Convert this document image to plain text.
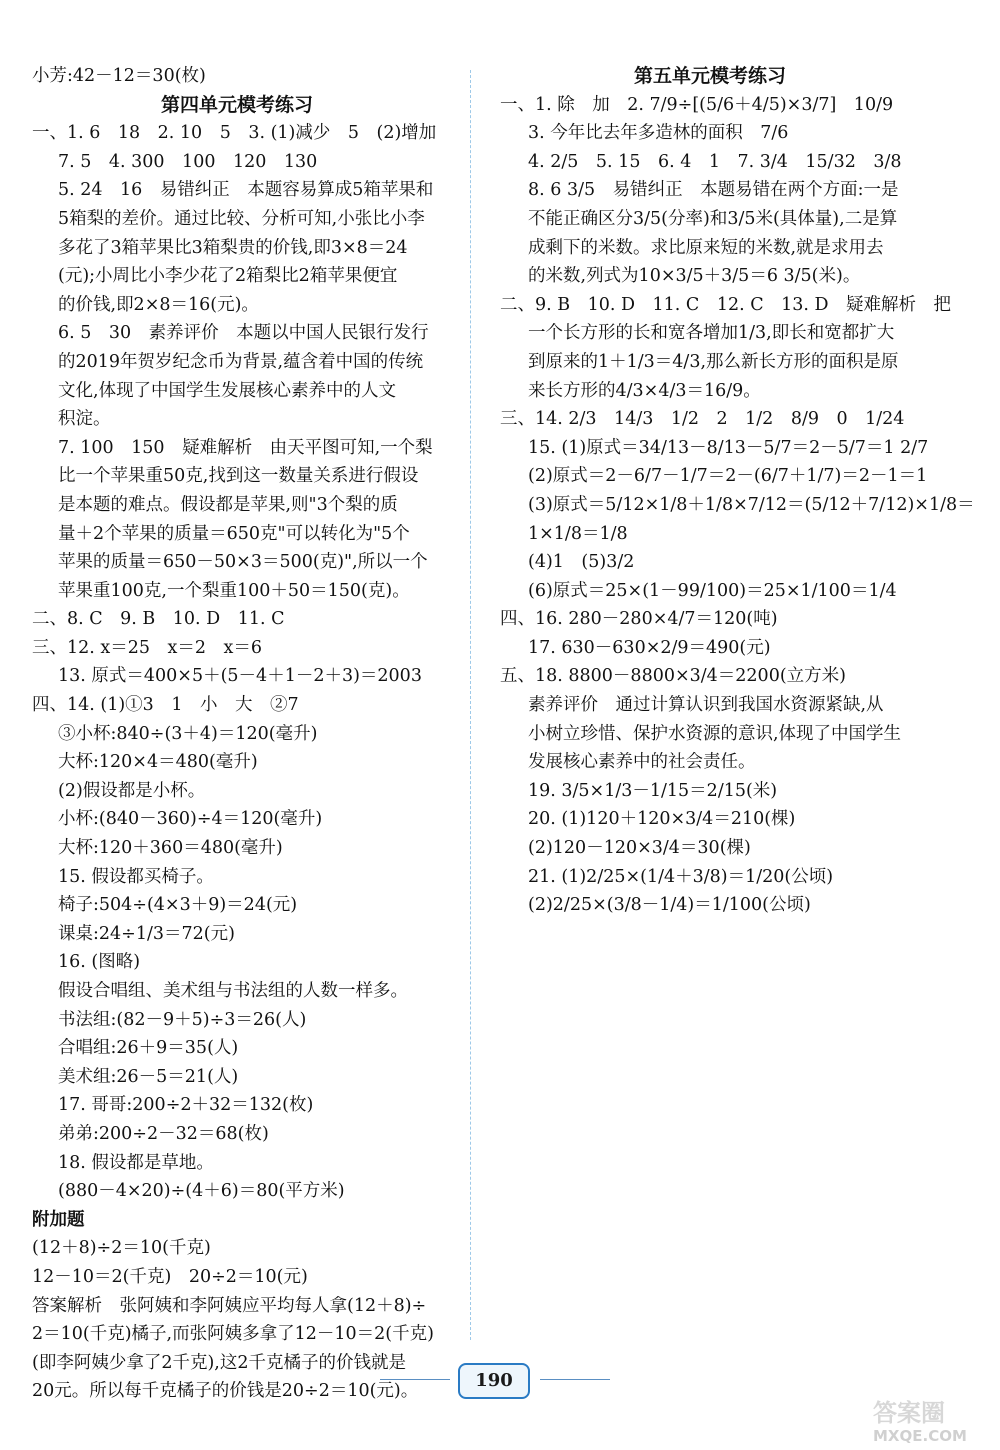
小芳:42－12＝30(枚)
第四单元模考练习
一、1. 6　18　2. 10　5　3. (1)减少　5　(2)增加
7. 5　4. 300　100　120　130
5. 24　16　易错纠正　本题容易算成5箱苹果和
5箱梨的差价。通过比较、分析可知,小张比小李
多花了3箱苹果比3箱梨贵的价钱,即3×8＝24
(元);小周比小李少花了2箱梨比2箱苹果便宜
的价钱,即2×8＝16(元)。
6. 5　30　素养评价　本题以中国人民银行发行
的2019年贺岁纪念币为背景,蕴含着中国的传统
文化,体现了中国学生发展核心素养中的人文
积淀。
7. 100　150　疑难解析　由天平图可知,一个梨
比一个苹果重50克,找到这一数量关系进行假设
是本题的难点。假设都是苹果,则"3个梨的质
量＋2个苹果的质量＝650克"可以转化为"5个
苹果的质量＝650－50×3＝500(克)",所以一个
苹果重100克,一个梨重100＋50＝150(克)。
二、8. C　9. B　10. D　11. C
三、12. x＝25　x＝2　x＝6
13. 原式＝400×5＋(5－4＋1－2＋3)＝2003
四、14. (1)①3　1　小　大　②7
③小杯:840÷(3＋4)＝120(毫升)
大杯:120×4＝480(毫升)
(2)假设都是小杯。
小杯:(840－360)÷4＝120(毫升)
大杯:120＋360＝480(毫升)
15. 假设都买椅子。
椅子:504÷(4×3＋9)＝24(元)
课桌:24÷1/3＝72(元)
16. (图略)
假设合唱组、美术组与书法组的人数一样多。
书法组:(82－9＋5)÷3＝26(人)
合唱组:26＋9＝35(人)
美术组:26－5＝21(人)
17. 哥哥:200÷2＋32＝132(枚)
弟弟:200÷2－32＝68(枚)
18. 假设都是草地。
(880－4×20)÷(4＋6)＝80(平方米)
附加题
(12＋8)÷2＝10(千克)
12－10＝2(千克)　20÷2＝10(元)
答案解析　张阿姨和李阿姨应平均每人拿(12＋8)÷
2＝10(千克)橘子,而张阿姨多拿了12－10＝2(千克)
(即李阿姨少拿了2千克),这2千克橘子的价钱就是
20元。所以每千克橘子的价钱是20÷2＝10(元)。
第五单元模考练习
一、1. 除　加　2. 7/9÷[(5/6＋4/5)×3/7]　10/9
3. 今年比去年多造林的面积　7/6
4. 2/5　5. 15　6. 4　1　7. 3/4　15/32　3/8
8. 6 3/5　易错纠正　本题易错在两个方面:一是
不能正确区分3/5(分率)和3/5米(具体量),二是算
成剩下的米数。求比原来短的米数,就是求用去
的米数,列式为10×3/5＋3/5＝6 3/5(米)。
二、9. B　10. D　11. C　12. C　13. D　疑难解析　把
一个长方形的长和宽各增加1/3,即长和宽都扩大
到原来的1＋1/3＝4/3,那么新长方形的面积是原
来长方形的4/3×4/3＝16/9。
三、14. 2/3　14/3　1/2　2　1/2　8/9　0　1/24
15. (1)原式＝34/13－8/13－5/7＝2－5/7＝1 2/7
(2)原式＝2－6/7－1/7＝2－(6/7＋1/7)＝2－1＝1
(3)原式＝5/12×1/8＋1/8×7/12＝(5/12＋7/12)×1/8＝
1×1/8＝1/8
(4)1　(5)3/2
(6)原式＝25×(1－99/100)＝25×1/100＝1/4
四、16. 280－280×4/7＝120(吨)
17. 630－630×2/9＝490(元)
五、18. 8800－8800×3/4＝2200(立方米)
素养评价　通过计算认识到我国水资源紧缺,从
小树立珍惜、保护水资源的意识,体现了中国学生
发展核心素养中的社会责任。
19. 3/5×1/3－1/15＝2/15(米)
20. (1)120＋120×3/4＝210(棵)
(2)120－120×3/4＝30(棵)
21. (1)2/25×(1/4＋3/8)＝1/20(公顷)
(2)2/25×(3/8－1/4)＝1/100(公顷)
190
答案圈
MXQE.COM
